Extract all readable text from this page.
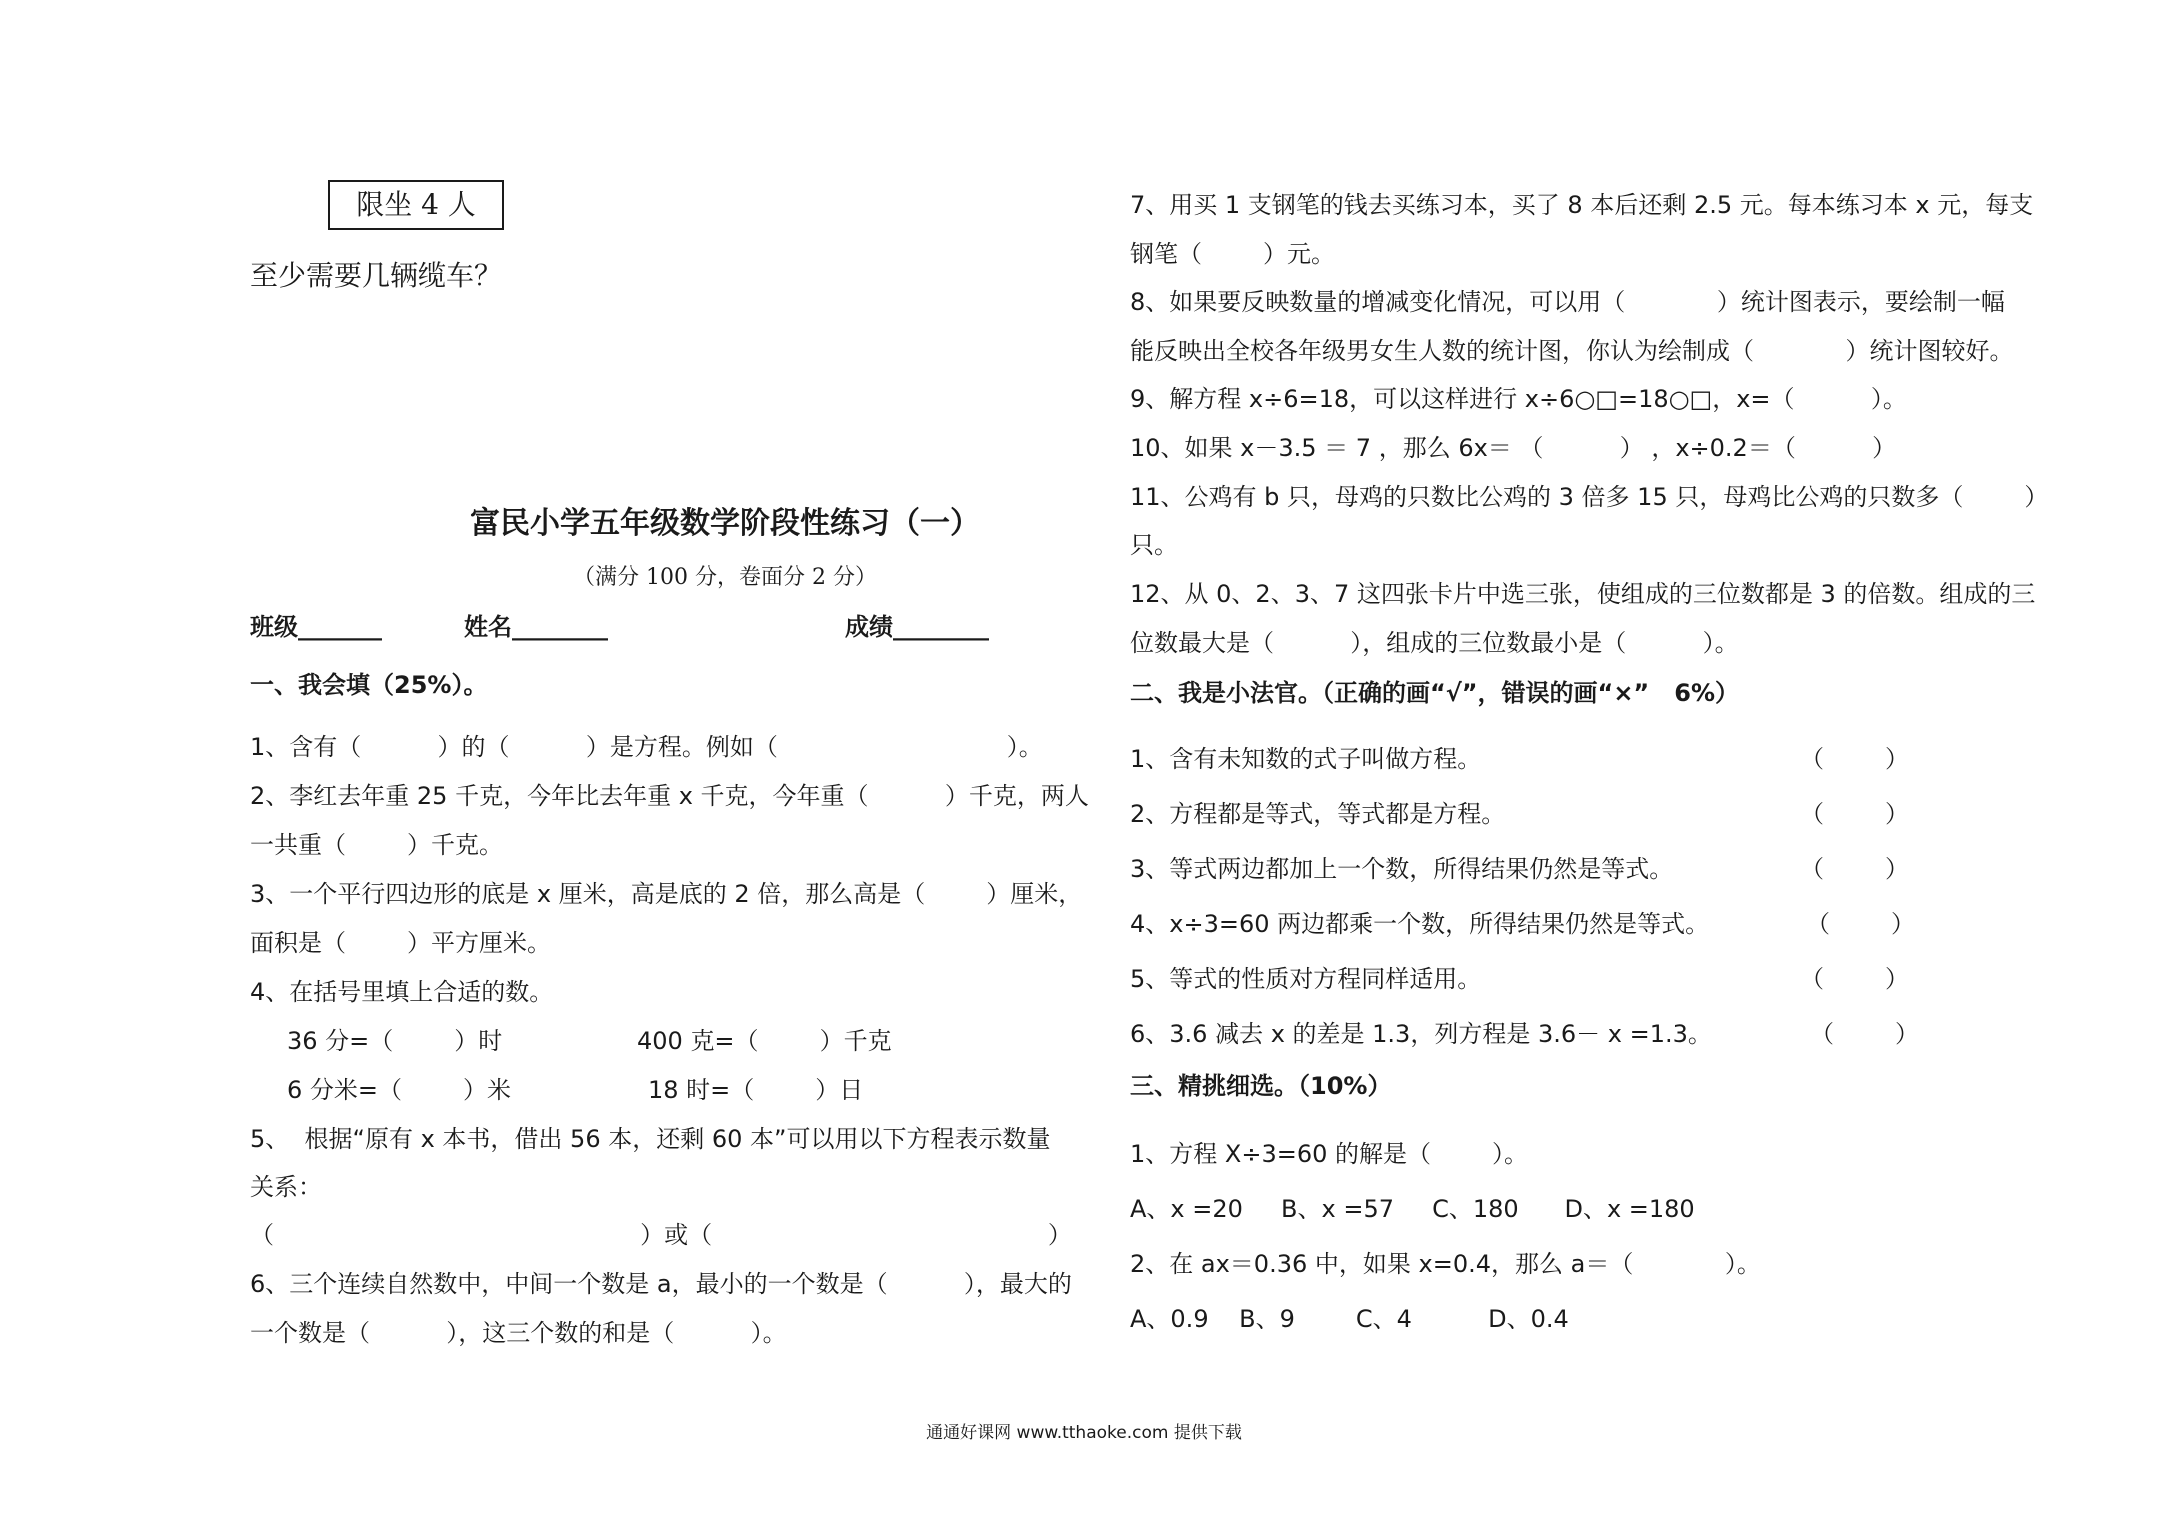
限坐 4 人
至少需要几辆缆车？
富民小学五年级数学阶段性练习（一）
（满分 100 分，卷面分 2 分）
班级_______	姓名________	成绩________
一、我会填（25%）。
1、含有（          ）的（          ）是方程。例如（                              ）。
2、李红去年重 25 千克，今年比去年重 x 千克，今年重（          ）千克，两人
一共重（        ）千克。
3、一个平行四边形的底是 x 厘米，高是底的 2 倍，那么高是（        ）厘米，
面积是（        ）平方厘米。
4、在括号里填上合适的数。
36 分=（        ）时	400 克=（        ）千克
6 分米=（        ）米	18 时=（        ）日
5、  根据“原有 x 本书，借出 56 本，还剩 60 本”可以用以下方程表示数量
关系：
（                                                ）或（                                            ）
6、三个连续自然数中，中间一个数是 a，最小的一个数是（          ），最大的
一个数是（          ），这三个数的和是（          ）。
7、用买 1 支钢笔的钱去买练习本，买了 8 本后还剩 2.5 元。每本练习本 x 元，每支
钢笔（        ）元。
8、如果要反映数量的增减变化情况，可以用（            ）统计图表示，要绘制一幅
能反映出全校各年级男女生人数的统计图，你认为绘制成（            ）统计图较好。
9、解方程 x÷6=18，可以这样进行 x÷6○□=18○□，x=（          ）。
10、如果 x－3.5 ＝ 7 ，那么 6x＝ （          ） ，x÷0.2＝（          ）
11、公鸡有 b 只，母鸡的只数比公鸡的 3 倍多 15 只，母鸡比公鸡的只数多（        ）
只。
12、从 0、2、3、7 这四张卡片中选三张，使组成的三位数都是 3 的倍数。组成的三
位数最大是（          ），组成的三位数最小是（          ）。
二、我是小法官。（正确的画“√”，错误的画“×”   6%）
1、含有未知数的式子叫做方程。	（        ）
2、方程都是等式，等式都是方程。	（        ）
3、等式两边都加上一个数，所得结果仍然是等式。	（        ）
4、x÷3=60 两边都乘一个数，所得结果仍然是等式。	（        ）
5、等式的性质对方程同样适用。	（        ）
6、3.6 减去 x 的差是 1.3，列方程是 3.6－ x =1.3。	（        ）
三、精挑细选。（10%）
1、方程 X÷3=60 的解是（        ）。
A、x =20     B、x =57     C、180      D、x =180
2、在 ax＝0.36 中，如果 x=0.4，那么 a＝（            ）。
A、0.9    B、9        C、4          D、0.4
通通好课网 www.tthaoke.com 提供下载
